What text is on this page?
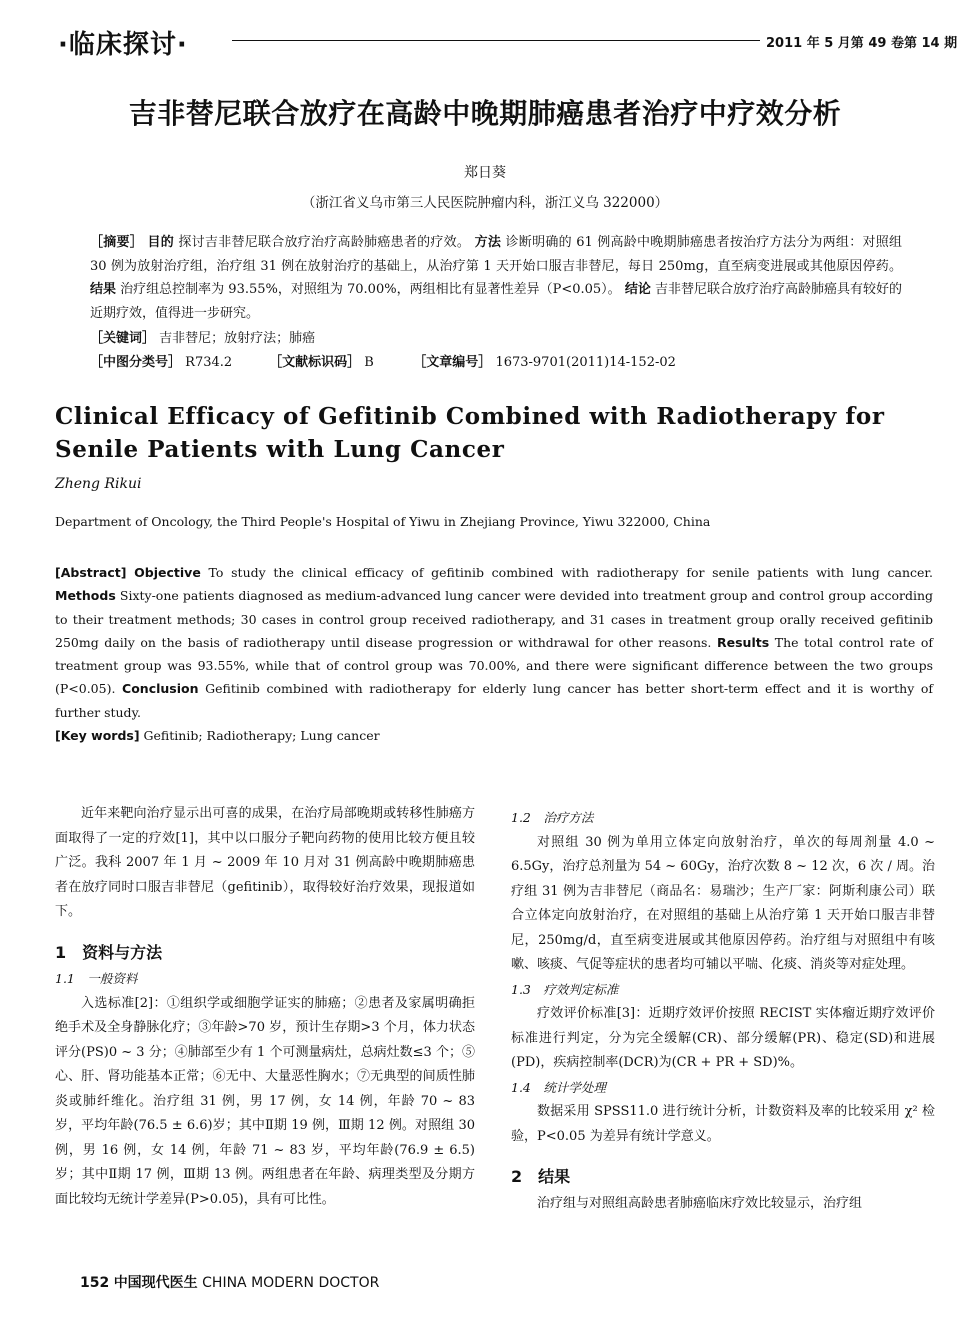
·临床探讨·	2011 年 5 月第 49 卷第 14 期
吉非替尼联合放疗在高龄中晚期肺癌患者治疗中疗效分析
郑日葵
（浙江省义乌市第三人民医院肿瘤内科，浙江义乌 322000）
［摘要］ 目的 探讨吉非替尼联合放疗治疗高龄肺癌患者的疗效。 方法 诊断明确的 61 例高龄中晚期肺癌患者按治疗方法分为两组：对照组 30 例为放射治疗组，治疗组 31 例在放射治疗的基础上，从治疗第 1 天开始口服吉非替尼，每日 250mg，直至病变进展或其他原因停药。 结果 治疗组总控制率为 93.55%，对照组为 70.00%，两组相比有显著性差异（P<0.05）。 结论 吉非替尼联合放疗治疗高龄肺癌具有较好的近期疗效，值得进一步研究。
［关键词］ 吉非替尼；放射疗法；肺癌
［中图分类号］ R734.2	［文献标识码］ B	［文章编号］ 1673-9701(2011)14-152-02
Clinical Efficacy of Gefitinib Combined with Radiotherapy for Senile Patients with Lung Cancer
Zheng Rikui
Department of Oncology, the Third People's Hospital of Yiwu in Zhejiang Province, Yiwu 322000, China
[Abstract] Objective To study the clinical efficacy of gefitinib combined with radiotherapy for senile patients with lung cancer. Methods Sixty-one patients diagnosed as medium-advanced lung cancer were devided into treatment group and control group according to their treatment methods; 30 cases in control group received radiotherapy, and 31 cases in treatment group orally received gefitinib 250mg daily on the basis of radiotherapy until disease progression or withdrawal for other reasons. Results The total control rate of treatment group was 93.55%, while that of control group was 70.00%, and there were significant difference between the two groups (P<0.05). Conclusion Gefitinib combined with radiotherapy for elderly lung cancer has better short-term effect and it is worthy of further study.
[Key words] Gefitinib; Radiotherapy; Lung cancer

近年来靶向治疗显示出可喜的成果，在治疗局部晚期或转移性肺癌方面取得了一定的疗效[1]，其中以口服分子靶向药物的使用比较方便且较广泛。我科 2007 年 1 月 ~ 2009 年 10 月对 31 例高龄中晚期肺癌患者在放疗同时口服吉非替尼（gefitinib），取得较好治疗效果，现报道如下。

1　资料与方法
1.1　一般资料

入选标准[2]：①组织学或细胞学证实的肺癌；②患者及家属明确拒绝手术及全身静脉化疗；③年龄>70 岁，预计生存期>3 个月，体力状态评分(PS)0 ~ 3 分；④肺部至少有 1 个可测量病灶，总病灶数≤3 个；⑤心、肝、肾功能基本正常；⑥无中、大量恶性胸水；⑦无典型的间质性肺炎或肺纤维化。治疗组 31 例，男 17 例，女 14 例，年龄 70 ~ 83 岁，平均年龄(76.5 ± 6.6)岁；其中Ⅱ期 19 例，Ⅲ期 12 例。对照组 30 例，男 16 例，女 14 例，年龄 71 ~ 83 岁，平均年龄(76.9 ± 6.5)岁；其中Ⅱ期 17 例，Ⅲ期 13 例。两组患者在年龄、病理类型及分期方面比较均无统计学差异(P>0.05)，具有可比性。

1.2　治疗方法

对照组 30 例为单用立体定向放射治疗，单次的每周剂量 4.0 ~ 6.5Gy，治疗总剂量为 54 ~ 60Gy，治疗次数 8 ~ 12 次，6 次 / 周。治疗组 31 例为吉非替尼（商品名：易瑞沙；生产厂家：阿斯利康公司）联合立体定向放射治疗，在对照组的基础上从治疗第 1 天开始口服吉非替尼，250mg/d，直至病变进展或其他原因停药。治疗组与对照组中有咳嗽、咳痰、气促等症状的患者均可辅以平喘、化痰、消炎等对症处理。

1.3　疗效判定标准

疗效评价标准[3]：近期疗效评价按照 RECIST 实体瘤近期疗效评价标准进行判定，分为完全缓解(CR)、部分缓解(PR)、稳定(SD)和进展(PD)，疾病控制率(DCR)为(CR + PR + SD)%。

1.4　统计学处理

数据采用 SPSS11.0 进行统计分析，计数资料及率的比较采用 χ² 检验，P<0.05 为差异有统计学意义。

2　结果

治疗组与对照组高龄患者肺癌临床疗效比较显示，治疗组

152 中国现代医生 CHINA MODERN DOCTOR
